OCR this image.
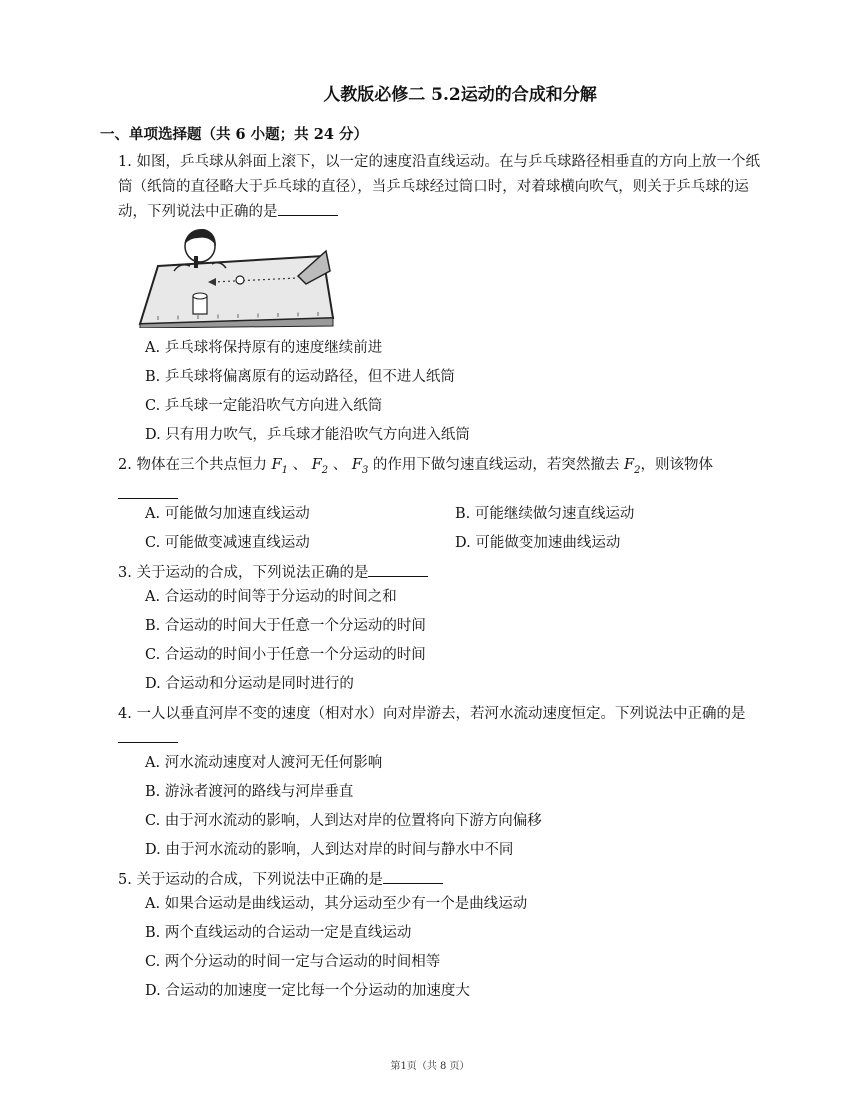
人教版必修二 5.2运动的合成和分解
一、单项选择题（共 6 小题；共 24 分）
1. 如图，乒乓球从斜面上滚下，以一定的速度沿直线运动。在与乒乓球路径相垂直的方向上放一个纸筒（纸筒的直径略大于乒乓球的直径），当乒乓球经过筒口时，对着球横向吹气，则关于乒乓球的运动，下列说法中正确的是
A. 乒乓球将保持原有的速度继续前进
B. 乒乓球将偏离原有的运动路径，但不进人纸筒
C. 乒乓球一定能沿吹气方向进入纸筒
D. 只有用力吹气，乒乓球才能沿吹气方向进入纸筒
2. 物体在三个共点恒力 $F_1$ 、 $F_2$ 、 $F_3$ 的作用下做匀速直线运动，若突然撤去 $F_2$，则该物体
A. 可能做匀加速直线运动	B. 可能继续做匀速直线运动
C. 可能做变减速直线运动	D. 可能做变加速曲线运动
3. 关于运动的合成，下列说法正确的是
A. 合运动的时间等于分运动的时间之和
B. 合运动的时间大于任意一个分运动的时间
C. 合运动的时间小于任意一个分运动的时间
D. 合运动和分运动是同时进行的
4. 一人以垂直河岸不变的速度（相对水）向对岸游去，若河水流动速度恒定。下列说法中正确的是
A. 河水流动速度对人渡河无任何影响
B. 游泳者渡河的路线与河岸垂直
C. 由于河水流动的影响，人到达对岸的位置将向下游方向偏移
D. 由于河水流动的影响，人到达对岸的时间与静水中不同
5. 关于运动的合成，下列说法中正确的是
A. 如果合运动是曲线运动，其分运动至少有一个是曲线运动
B. 两个直线运动的合运动一定是直线运动
C. 两个分运动的时间一定与合运动的时间相等
D. 合运动的加速度一定比每一个分运动的加速度大
第1页（共 8 页）
